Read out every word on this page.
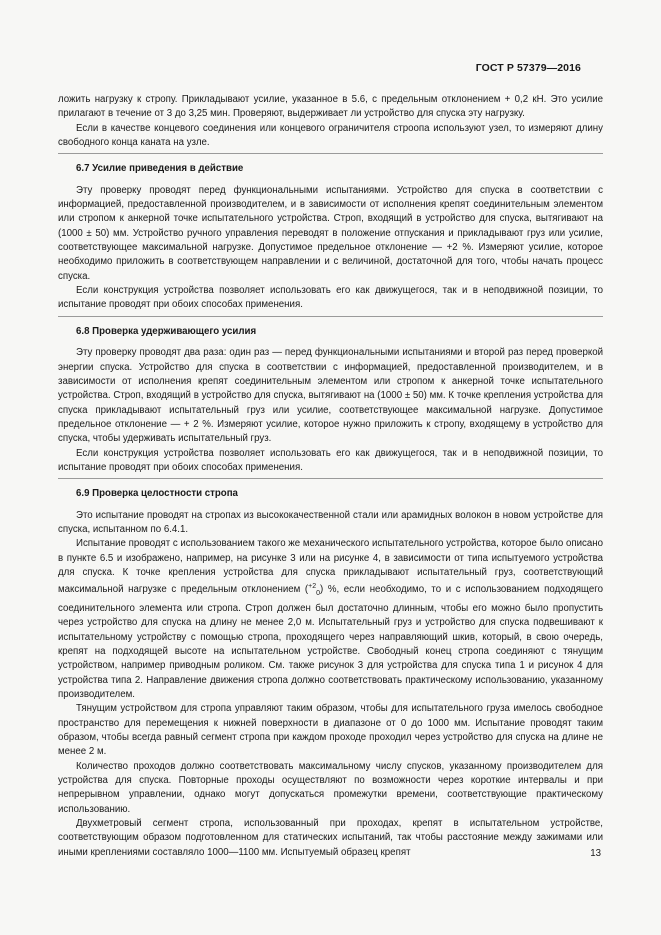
ГОСТ Р 57379—2016

ложить нагрузку к стропу. Прикладывают усилие, указанное в 5.6, с предельным отклонением + 0,2 кН. Это усилие прилагают в течение от 3 до 3,25 мин. Проверяют, выдерживает ли устройство для спуска эту нагрузку.

Если в качестве концевого соединения или концевого ограничителя строопа используют узел, то измеряют длину свободного конца каната на узле.

6.7 Усилие приведения в действие

Эту проверку проводят перед функциональными испытаниями. Устройство для спуска в соответствии с информацией, предоставленной производителем, и в зависимости от исполнения крепят соединительным элементом или стропом к анкерной точке испытательного устройства. Строп, входящий в устройство для спуска, вытягивают на (1000 ± 50) мм. Устройство ручного управления переводят в положение отпускания и прикладывают груз или усилие, соответствующее максимальной нагрузке. Допустимое предельное отклонение — +2 %. Измеряют усилие, которое необходимо приложить в соответствующем направлении и с величиной, достаточной для того, чтобы начать процесс спуска.

Если конструкция устройства позволяет использовать его как движущегося, так и в неподвижной позиции, то испытание проводят при обоих способах применения.

6.8 Проверка удерживающего усилия

Эту проверку проводят два раза: один раз — перед функциональными испытаниями и второй раз перед проверкой энергии спуска. Устройство для спуска в соответствии с информацией, предоставленной производителем, и в зависимости от исполнения крепят соединительным элементом или стропом к анкерной точке испытательного устройства. Строп, входящий в устройство для спуска, вытягивают на (1000 ± 50) мм. К точке крепления устройства для спуска прикладывают испытательный груз или усилие, соответствующее максимальной нагрузке. Допустимое предельное отклонение — + 2 %. Измеряют усилие, которое нужно приложить к стропу, входящему в устройство для спуска, чтобы удерживать испытательный груз.

Если конструкция устройства позволяет использовать его как движущегося, так и в неподвижной позиции, то испытание проводят при обоих способах применения.

6.9 Проверка целостности стропа

Это испытание проводят на стропах из высококачественной стали или арамидных волокон в новом устройстве для спуска, испытанном по 6.4.1.

Испытание проводят с использованием такого же механического испытательного устройства, которое было описано в пункте 6.5 и изображено, например, на рисунке 3 или на рисунке 4, в зависимости от типа испытуемого устройства для спуска. К точке крепления устройства для спуска прикладывают испытательный груз, соответствующий максимальной нагрузке с предельным отклонением ($^{+2}_0$) %, если необходимо, то и с использованием подходящего соединительного элемента или стропа. Строп должен был достаточно длинным, чтобы его можно было пропустить через устройство для спуска на длину не менее 2,0 м. Испытательный груз и устройство для спуска подвешивают к испытательному устройству с помощью стропа, проходящего через направляющий шкив, который, в свою очередь, крепят на подходящей высоте на испытательном устройстве. Свободный конец стропа соединяют с тянущим устройством, например приводным роликом. См. также рисунок 3 для устройства для спуска типа 1 и рисунок 4 для устройства типа 2. Направление движения стропа должно соответствовать практическому использованию, указанному производителем.

Тянущим устройством для стропа управляют таким образом, чтобы для испытательного груза имелось свободное пространство для перемещения к нижней поверхности в диапазоне от 0 до 1000 мм. Испытание проводят таким образом, чтобы всегда равный сегмент стропа при каждом проходе проходил через устройство для спуска на длине не менее 2 м.

Количество проходов должно соответствовать максимальному числу спусков, указанному производителем для устройства для спуска. Повторные проходы осуществляют по возможности через короткие интервалы и при непрерывном управлении, однако могут допускаться промежутки времени, соответствующие практическому использованию.

Двухметровый сегмент стропа, использованный при проходах, крепят в испытательном устройстве, соответствующим образом подготовленном для статических испытаний, так чтобы расстояние между зажимами или иными креплениями составляло 1000—1100 мм. Испытуемый образец крепят	13
